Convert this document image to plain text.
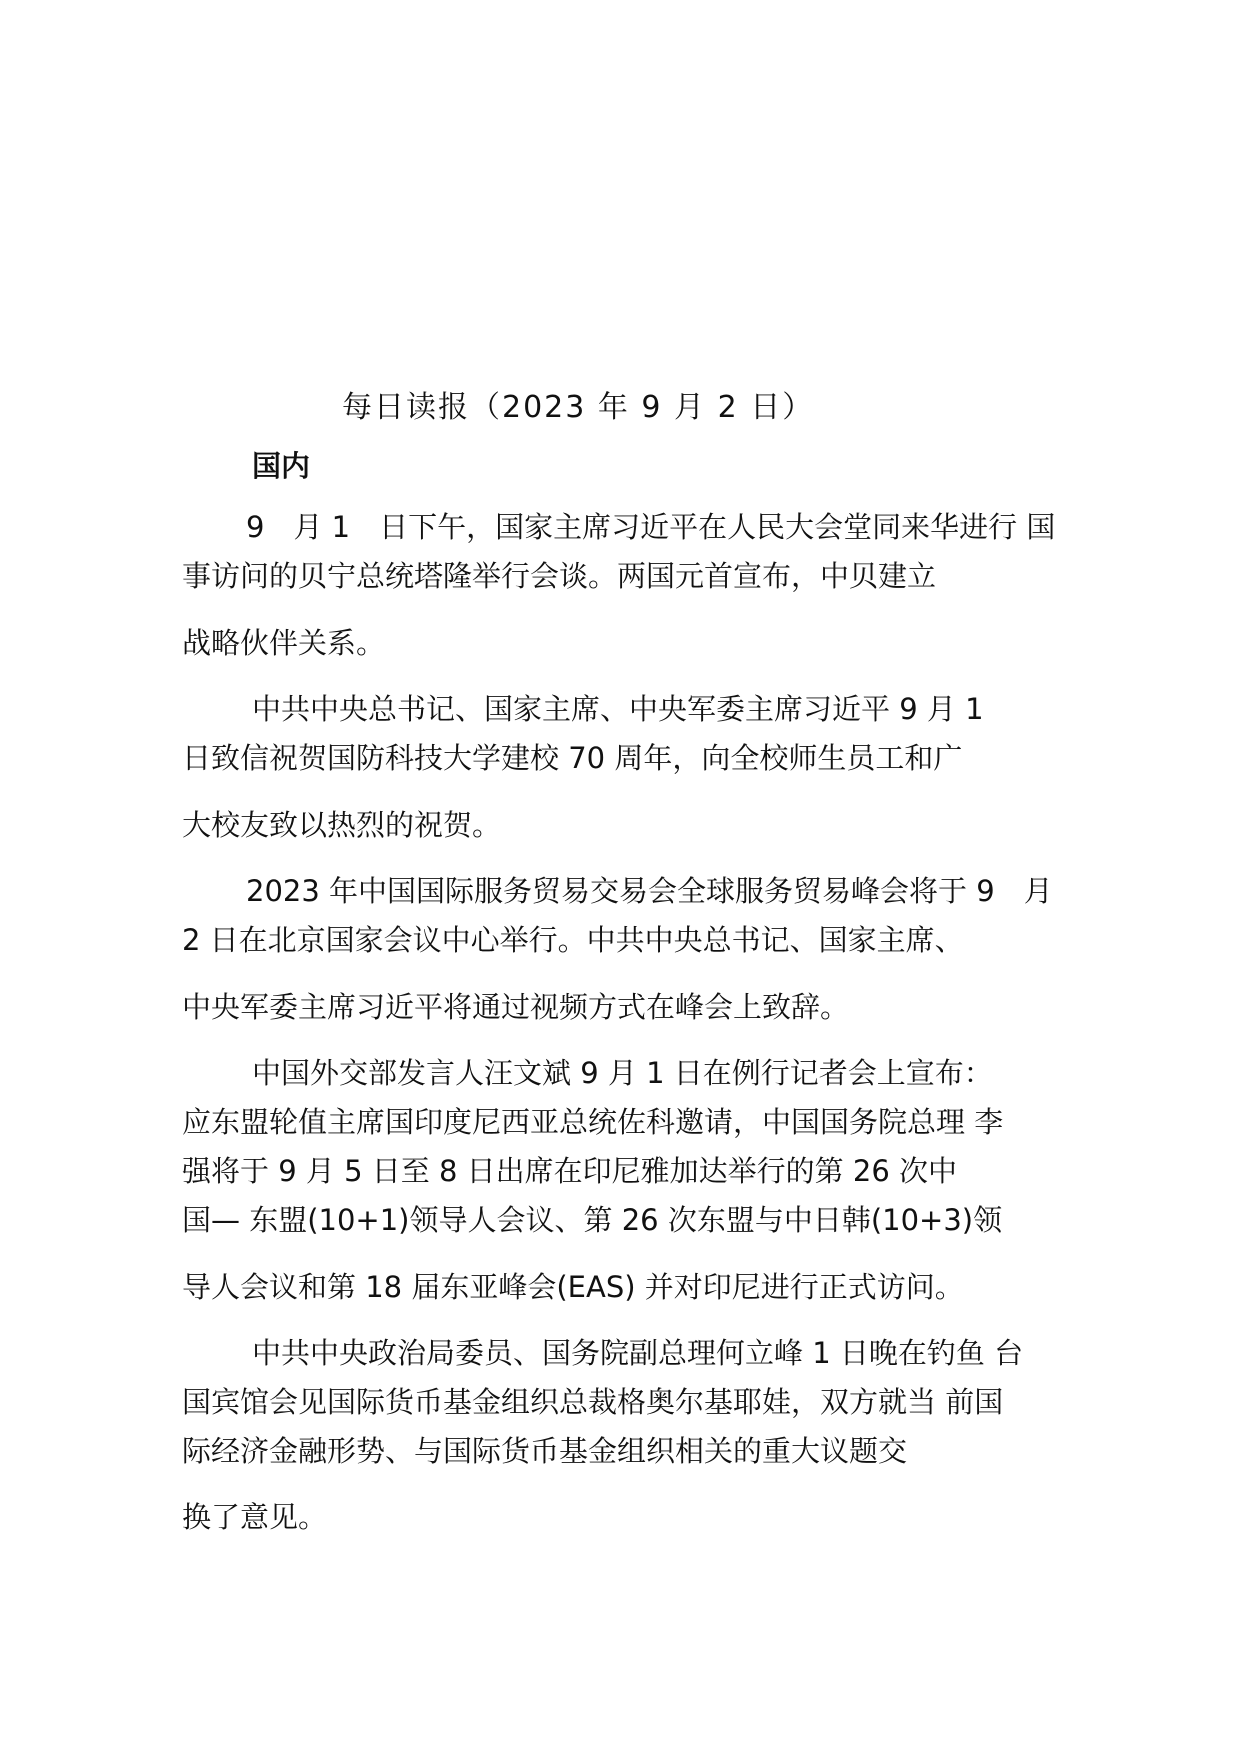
每日读报（2023 年 9 月 2 日）
国内
9　月 1　日下午，国家主席习近平在人民大会堂同来华进行 国
事访问的贝宁总统塔隆举行会谈。两国元首宣布，中贝建立
战略伙伴关系。
中共中央总书记、国家主席、中央军委主席习近平 9 月 1
日致信祝贺国防科技大学建校 70 周年，向全校师生员工和广
大校友致以热烈的祝贺。
2023 年中国国际服务贸易交易会全球服务贸易峰会将于 9　月
2 日在北京国家会议中心举行。中共中央总书记、国家主席、
中央军委主席习近平将通过视频方式在峰会上致辞。
中国外交部发言人汪文斌 9 月 1 日在例行记者会上宣布：
应东盟轮值主席国印度尼西亚总统佐科邀请，中国国务院总理 李
强将于 9 月 5 日至 8 日出席在印尼雅加达举行的第 26 次中
国— 东盟(10+1)领导人会议、第 26 次东盟与中日韩(10+3)领
导人会议和第 18 届东亚峰会(EAS) 并对印尼进行正式访问。
中共中央政治局委员、国务院副总理何立峰 1 日晚在钓鱼 台
国宾馆会见国际货币基金组织总裁格奥尔基耶娃，双方就当 前国
际经济金融形势、与国际货币基金组织相关的重大议题交
换了意见。
